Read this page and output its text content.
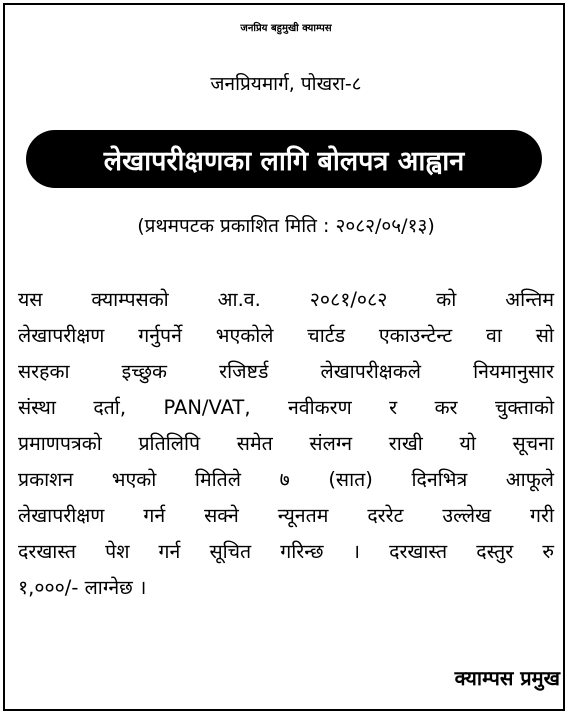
जनप्रिय बहुमुखी क्याम्पस
जनप्रियमार्ग, पोखरा-८
लेखापरीक्षणका लागि बोलपत्र आह्वान
(प्रथमपटक प्रकाशित मिति : २०८२/०५/१३)
यस क्याम्पसको आ.व. २०८१/०८२ को अन्तिम
लेखापरीक्षण गर्नुपर्ने भएकोले चार्टड एकाउन्टेन्ट वा सो
सरहका इच्छुक रजिष्टर्ड लेखापरीक्षकले नियमानुसार
संस्था दर्ता, PAN/VAT, नवीकरण र कर चुक्ताको
प्रमाणपत्रको प्रतिलिपि समेत संलग्न राखी यो सूचना
प्रकाशन भएको मितिले ७ (सात) दिनभित्र आफूले
लेखापरीक्षण गर्न सक्ने न्यूनतम दररेट उल्लेख गरी
दरखास्त पेश गर्न सूचित गरिन्छ । दरखास्त दस्तुर रु
१,०००/- लाग्नेछ ।
क्याम्पस प्रमुख
